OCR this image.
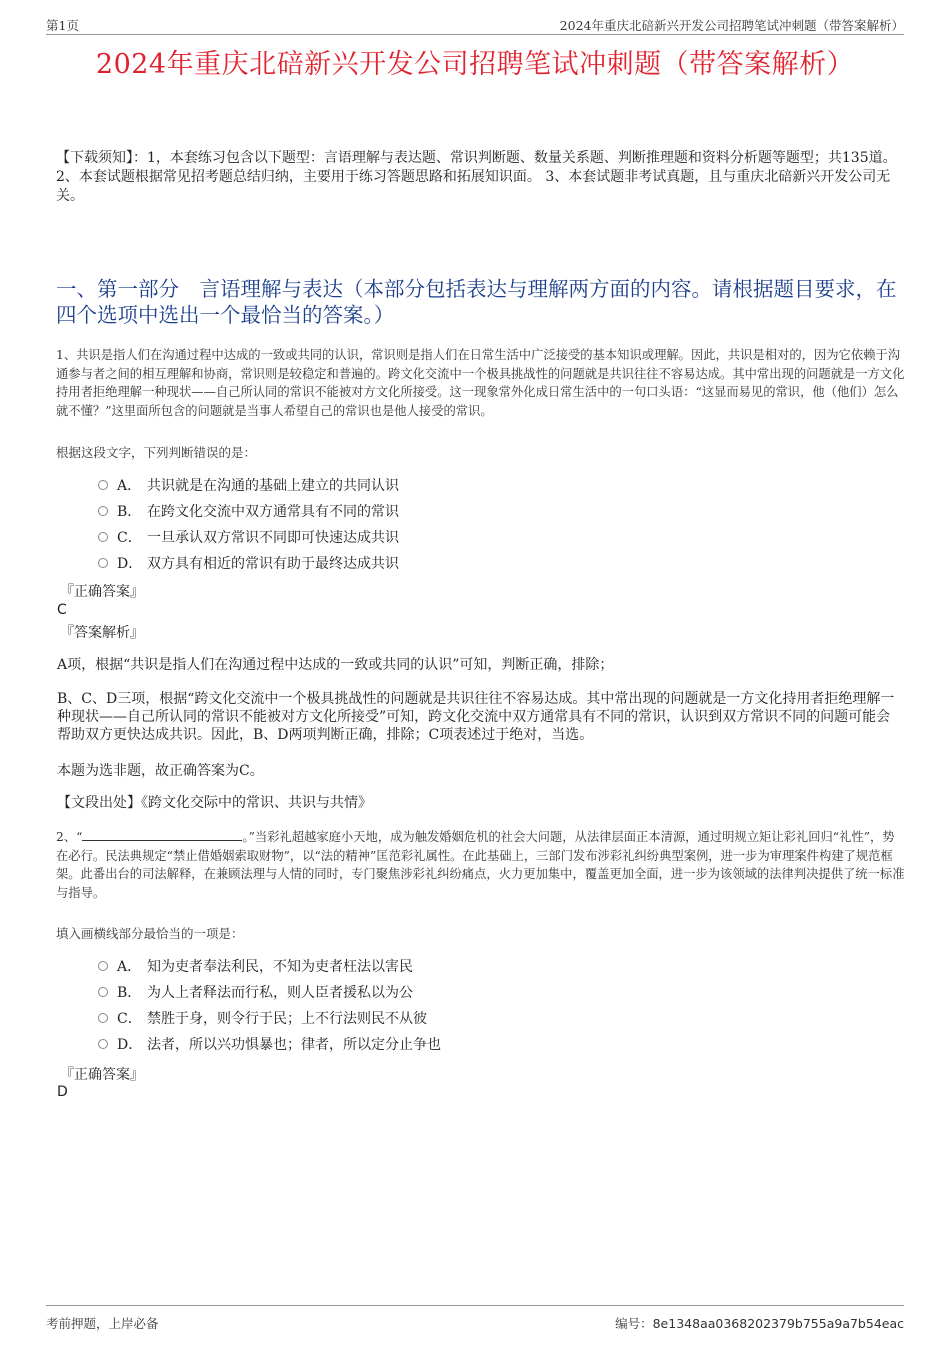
第1页	2024年重庆北碚新兴开发公司招聘笔试冲刺题（带答案解析）
2024年重庆北碚新兴开发公司招聘笔试冲刺题（带答案解析）
【下载须知】：1，本套练习包含以下题型：言语理解与表达题、常识判断题、数量关系题、判断推理题和资料分析题等题型；共135道。 2、本套试题根据常见招考题总结归纳，主要用于练习答题思路和拓展知识面。 3、本套试题非考试真题，且与重庆北碚新兴开发公司无关。
一、第一部分　言语理解与表达（本部分包括表达与理解两方面的内容。请根据题目要求，在四个选项中选出一个最恰当的答案。）
1、共识是指人们在沟通过程中达成的一致或共同的认识，常识则是指人们在日常生活中广泛接受的基本知识或理解。因此，共识是相对的，因为它依赖于沟通参与者之间的相互理解和协商，常识则是较稳定和普遍的。跨文化交流中一个极具挑战性的问题就是共识往往不容易达成。其中常出现的问题就是一方文化持用者拒绝理解一种现状——自己所认同的常识不能被对方文化所接受。这一现象常外化成日常生活中的一句口头语：“这显而易见的常识，他（他们）怎么就不懂？”这里面所包含的问题就是当事人希望自己的常识也是他人接受的常识。
根据这段文字，下列判断错误的是：
A． 共识就是在沟通的基础上建立的共同认识
B． 在跨文化交流中双方通常具有不同的常识
C． 一旦承认双方常识不同即可快速达成共识
D． 双方具有相近的常识有助于最终达成共识
『正确答案』
C
『答案解析』
A项，根据“共识是指人们在沟通过程中达成的一致或共同的认识”可知，判断正确，排除；
B、C、D三项，根据“跨文化交流中一个极具挑战性的问题就是共识往往不容易达成。其中常出现的问题就是一方文化持用者拒绝理解一种现状——自己所认同的常识不能被对方文化所接受”可知，跨文化交流中双方通常具有不同的常识，认识到双方常识不同的问题可能会帮助双方更快达成共识。因此，B、D两项判断正确，排除；C项表述过于绝对，当选。
本题为选非题，故正确答案为C。
【文段出处】《跨文化交际中的常识、共识与共情》
2、“	。”当彩礼超越家庭小天地，成为触发婚姻危机的社会大问题，从法律层面正本清源，通过明规立矩让彩礼回归“礼性”，势在必行。民法典规定“禁止借婚姻索取财物”，以“法的精神”匡范彩礼属性。在此基础上，三部门发布涉彩礼纠纷典型案例，进一步为审理案件构建了规范框架。此番出台的司法解释，在兼顾法理与人情的同时，专门聚焦涉彩礼纠纷痛点，火力更加集中，覆盖更加全面，进一步为该领域的法律判决提供了统一标准与指导。
填入画横线部分最恰当的一项是：
A． 知为吏者奉法利民，不知为吏者枉法以害民
B． 为人上者释法而行私，则人臣者援私以为公
C． 禁胜于身，则令行于民；上不行法则民不从彼
D． 法者，所以兴功惧暴也；律者，所以定分止争也
『正确答案』
D
考前押题，上岸必备	编号：8e1348aa0368202379b755a9a7b54eac
